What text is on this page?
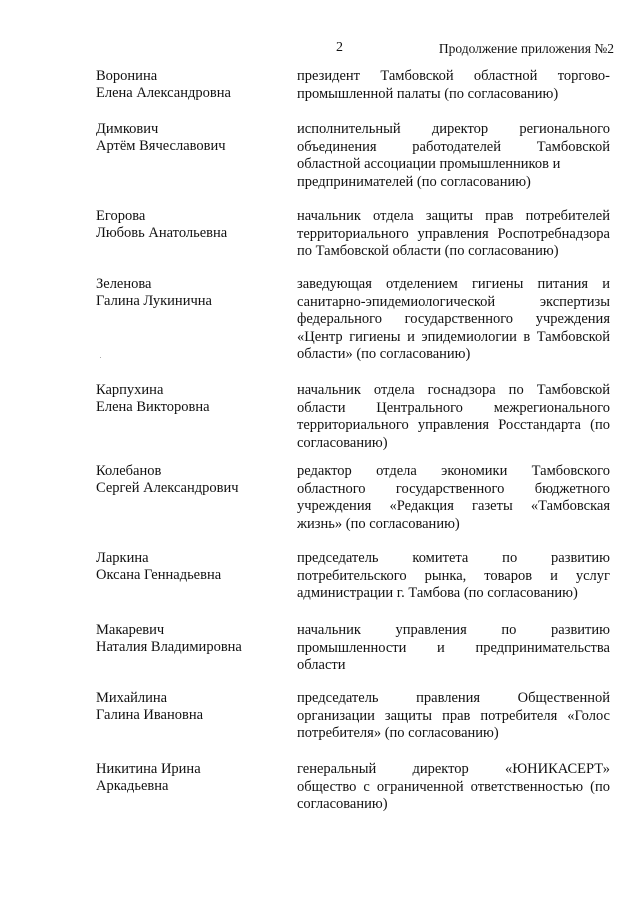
2	Продолжение приложения №2
Воронина
Елена Александровна
президент Тамбовской областной торгово-
промышленной палаты (по согласованию)
Димкович
Артём Вячеславович
исполнительный директор регионального
объединения работодателей Тамбовской
областной ассоциации промышленников и
предпринимателей (по согласованию)
Егорова
Любовь Анатольевна
начальник отдела защиты прав потребителей
территориального управления Роспотребнадзора
по Тамбовской области (по согласованию)
Зеленова
Галина Лукинична
заведующая отделением гигиены питания и
санитарно-эпидемиологической экспертизы
федерального государственного учреждения
«Центр гигиены и эпидемиологии в Тамбовской
области» (по согласованию)
Карпухина
Елена Викторовна
начальник отдела госнадзора по Тамбовской
области Центрального межрегионального
территориального управления Росстандарта (по
согласованию)
Колебанов
Сергей Александрович
редактор отдела экономики Тамбовского
областного государственного бюджетного
учреждения «Редакция газеты «Тамбовская
жизнь» (по согласованию)
Ларкина
Оксана Геннадьевна
председатель комитета по развитию
потребительского рынка, товаров и услуг
администрации г. Тамбова (по согласованию)
Макаревич
Наталия Владимировна
начальник управления по развитию
промышленности и предпринимательства
области
Михайлина
Галина Ивановна
председатель правления Общественной
организации защиты прав потребителя «Голос
потребителя» (по согласованию)
Никитина Ирина
Аркадьевна
генеральный директор «ЮНИКАСЕРТ»
общество с ограниченной ответственностью (по
согласованию)
